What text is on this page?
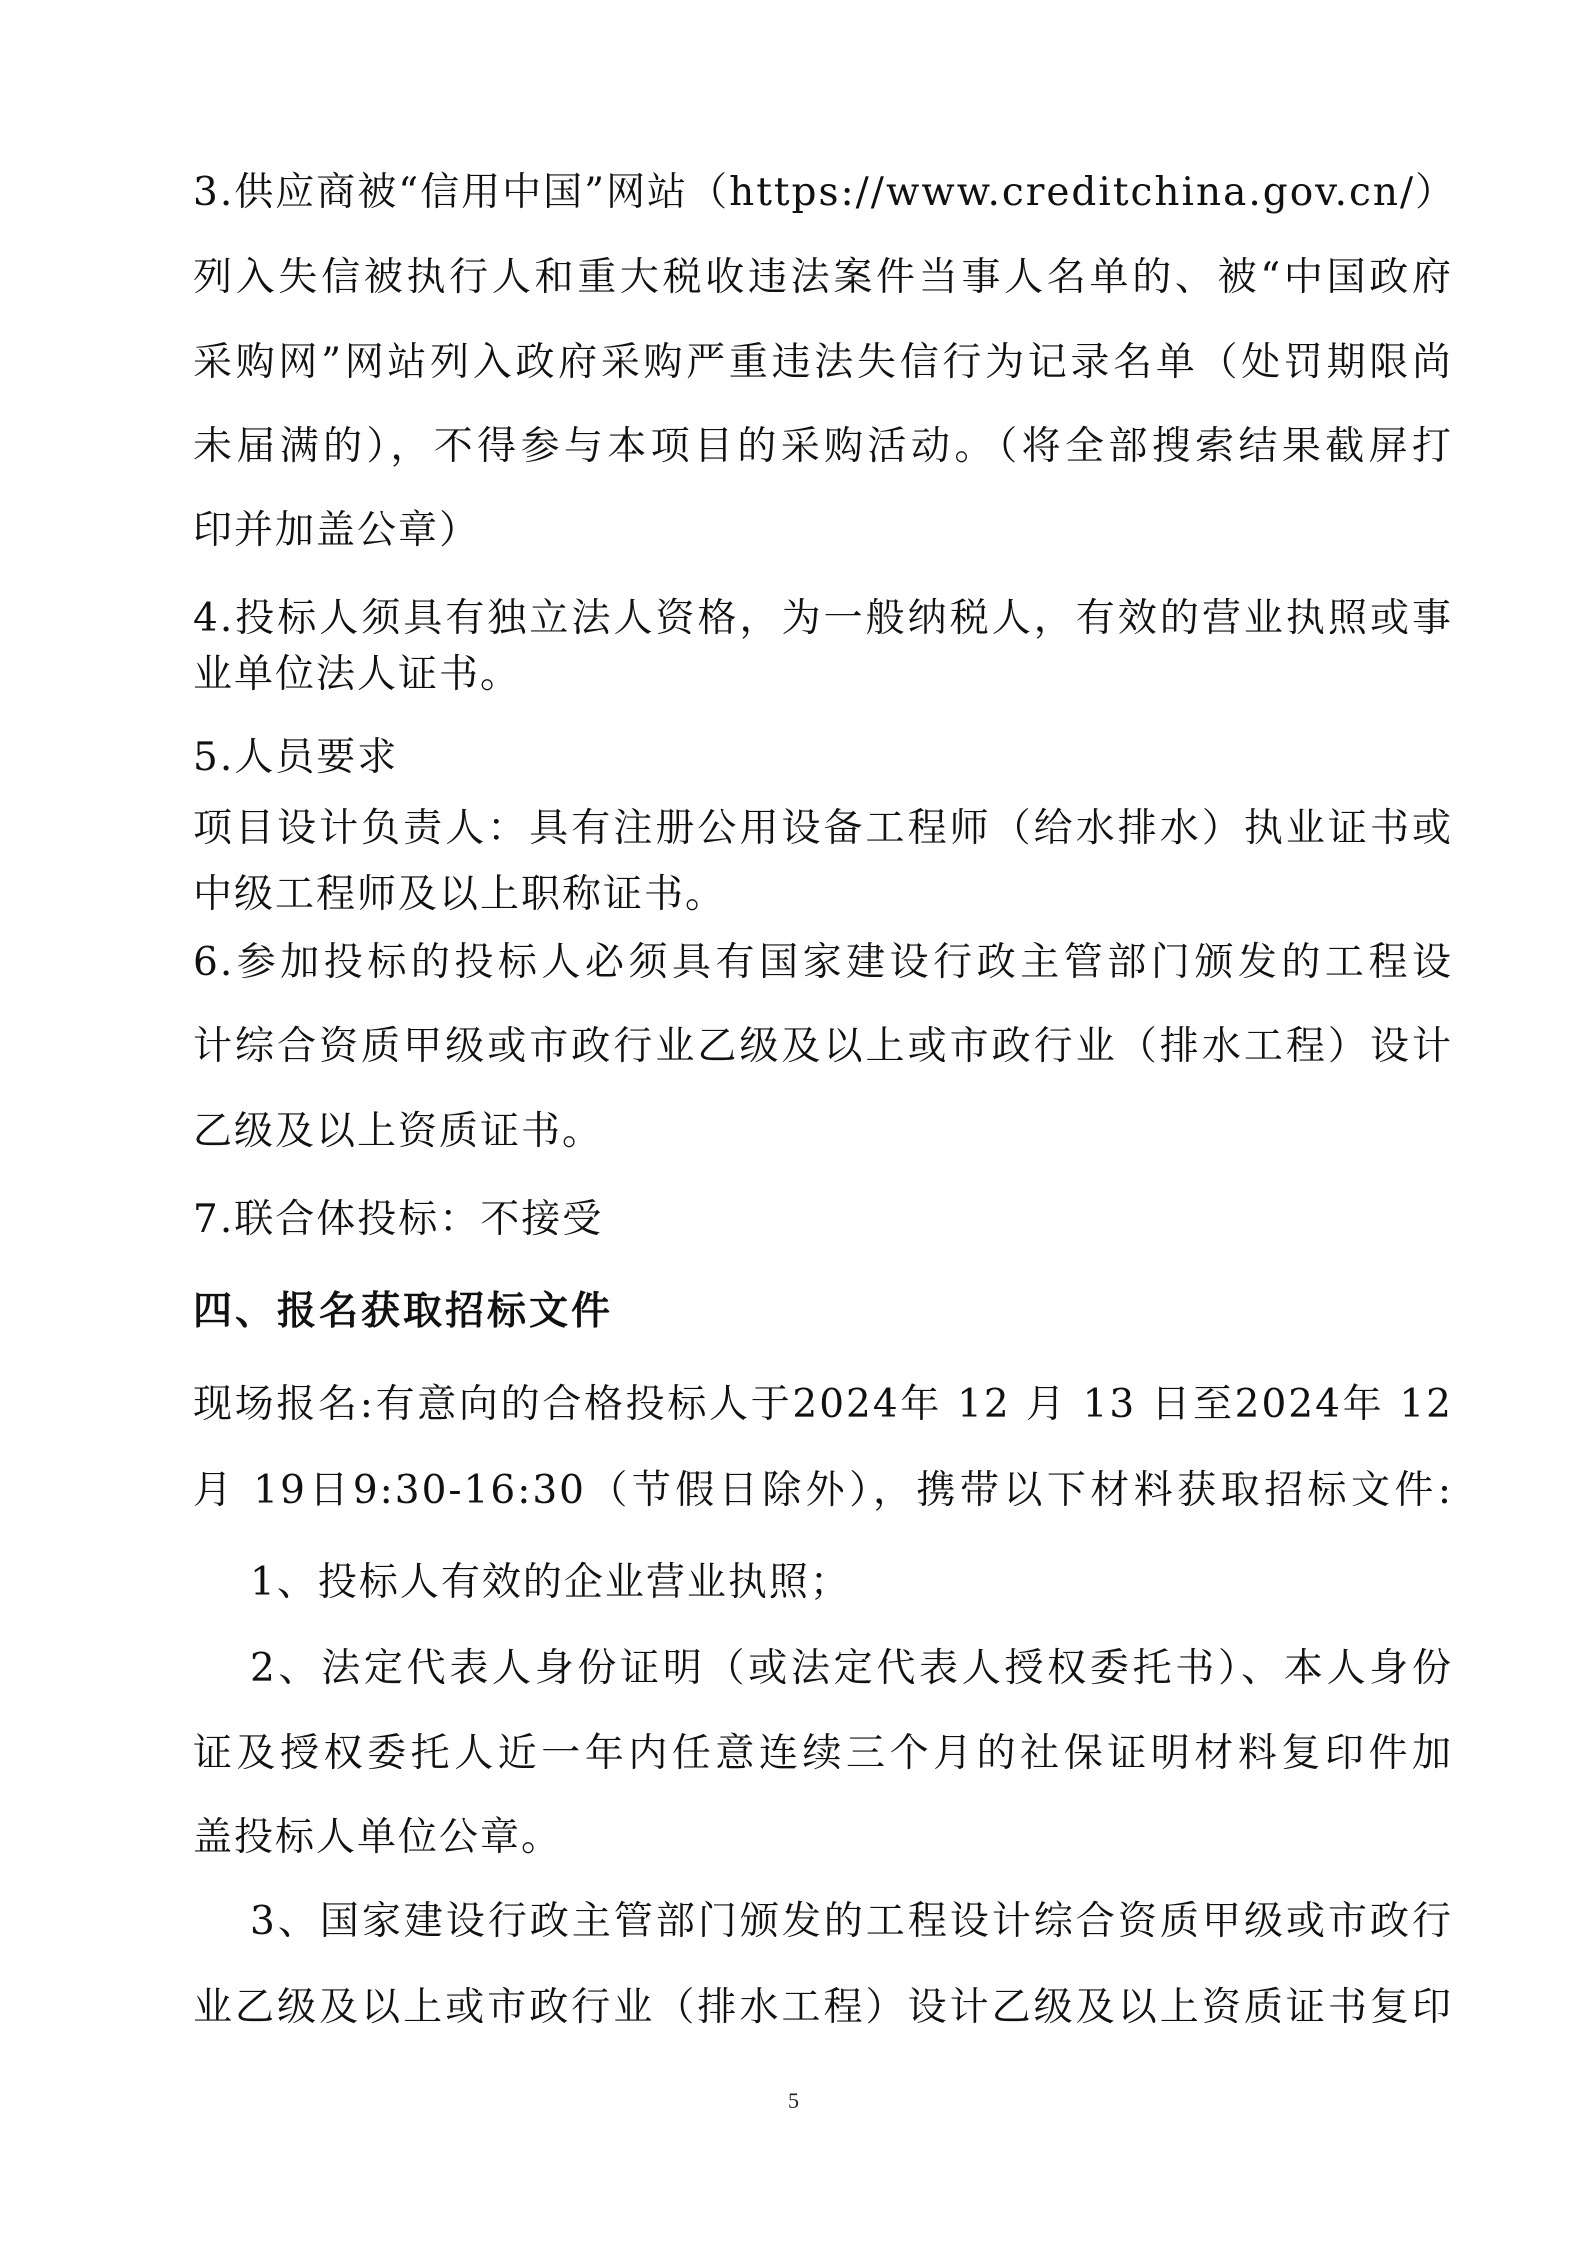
3.供应商被“信用中国”网站（https://www.creditchina.gov.cn/）
列入失信被执行人和重大税收违法案件当事人名单的、被“中国政府
采购网”网站列入政府采购严重违法失信行为记录名单（处罚期限尚
未届满的），不得参与本项目的采购活动。（将全部搜索结果截屏打
印并加盖公章）
4.投标人须具有独立法人资格，为一般纳税人，有效的营业执照或事
业单位法人证书。
5.人员要求
项目设计负责人：具有注册公用设备工程师（给水排水）执业证书或
中级工程师及以上职称证书。
6.参加投标的投标人必须具有国家建设行政主管部门颁发的工程设
计综合资质甲级或市政行业乙级及以上或市政行业（排水工程）设计
乙级及以上资质证书。
7.联合体投标：不接受
四、报名获取招标文件
现场报名:有意向的合格投标人于2024年 12 月 13 日至2024年 12
月 19日9:30-16:30（节假日除外），携带以下材料获取招标文件:
1、投标人有效的企业营业执照；
2、法定代表人身份证明（或法定代表人授权委托书）、本人身份
证及授权委托人近一年内任意连续三个月的社保证明材料复印件加
盖投标人单位公章。
3、国家建设行政主管部门颁发的工程设计综合资质甲级或市政行
业乙级及以上或市政行业（排水工程）设计乙级及以上资质证书复印
5
